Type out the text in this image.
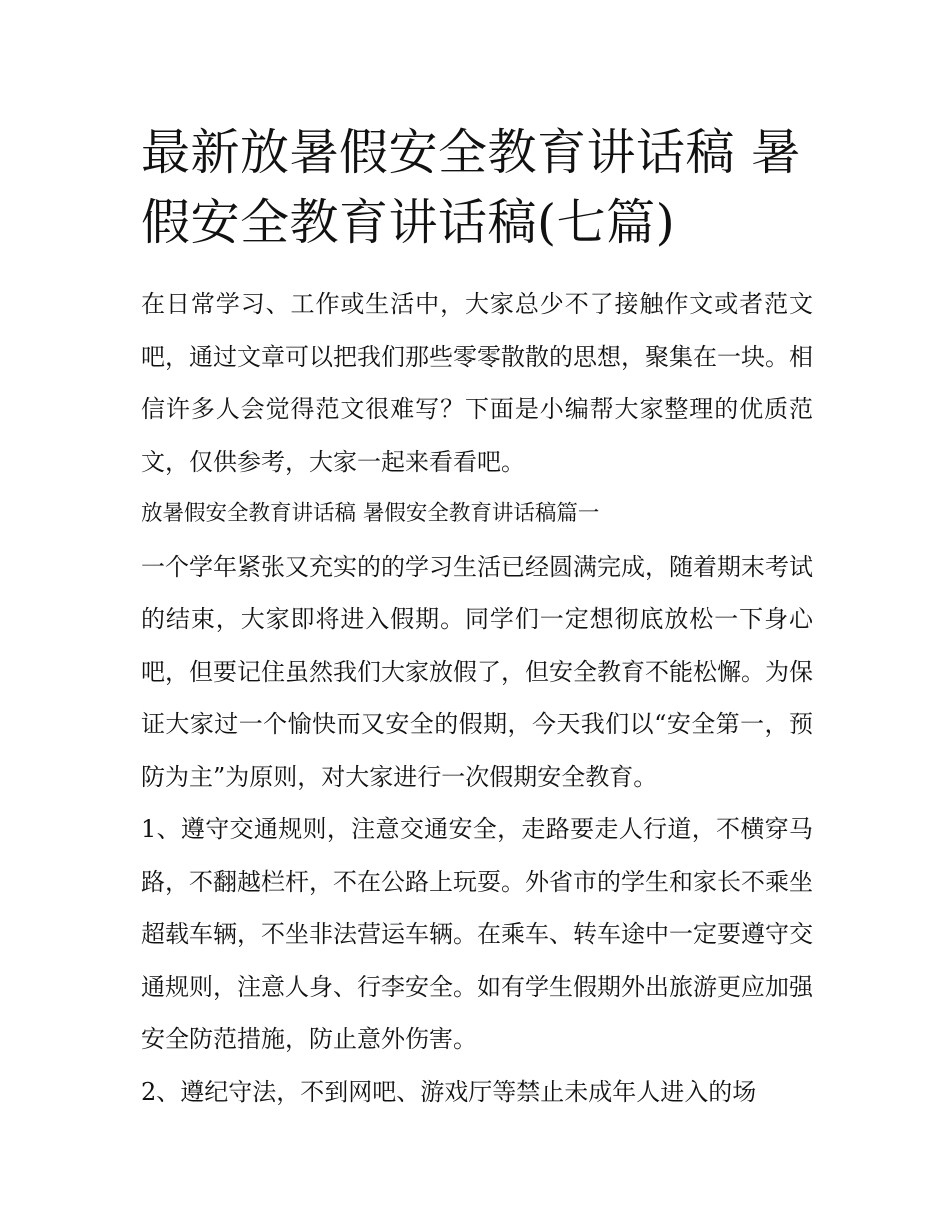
最新放暑假安全教育讲话稿 暑假安全教育讲话稿(七篇)

在日常学习、工作或生活中，大家总少不了接触作文或者范文吧，通过文章可以把我们那些零零散散的思想，聚集在一块。相信许多人会觉得范文很难写？下面是小编帮大家整理的优质范文，仅供参考，大家一起来看看吧。

放暑假安全教育讲话稿 暑假安全教育讲话稿篇一

一个学年紧张又充实的的学习生活已经圆满完成，随着期末考试的结束，大家即将进入假期。同学们一定想彻底放松一下身心吧，但要记住虽然我们大家放假了，但安全教育不能松懈。为保证大家过一个愉快而又安全的假期，今天我们以“安全第一，预防为主”为原则，对大家进行一次假期安全教育。

1、遵守交通规则，注意交通安全，走路要走人行道，不横穿马路，不翻越栏杆，不在公路上玩耍。外省市的学生和家长不乘坐超载车辆，不坐非法营运车辆。在乘车、转车途中一定要遵守交通规则，注意人身、行李安全。如有学生假期外出旅游更应加强安全防范措施，防止意外伤害。

2、遵纪守法，不到网吧、游戏厅等禁止未成年人进入的场
